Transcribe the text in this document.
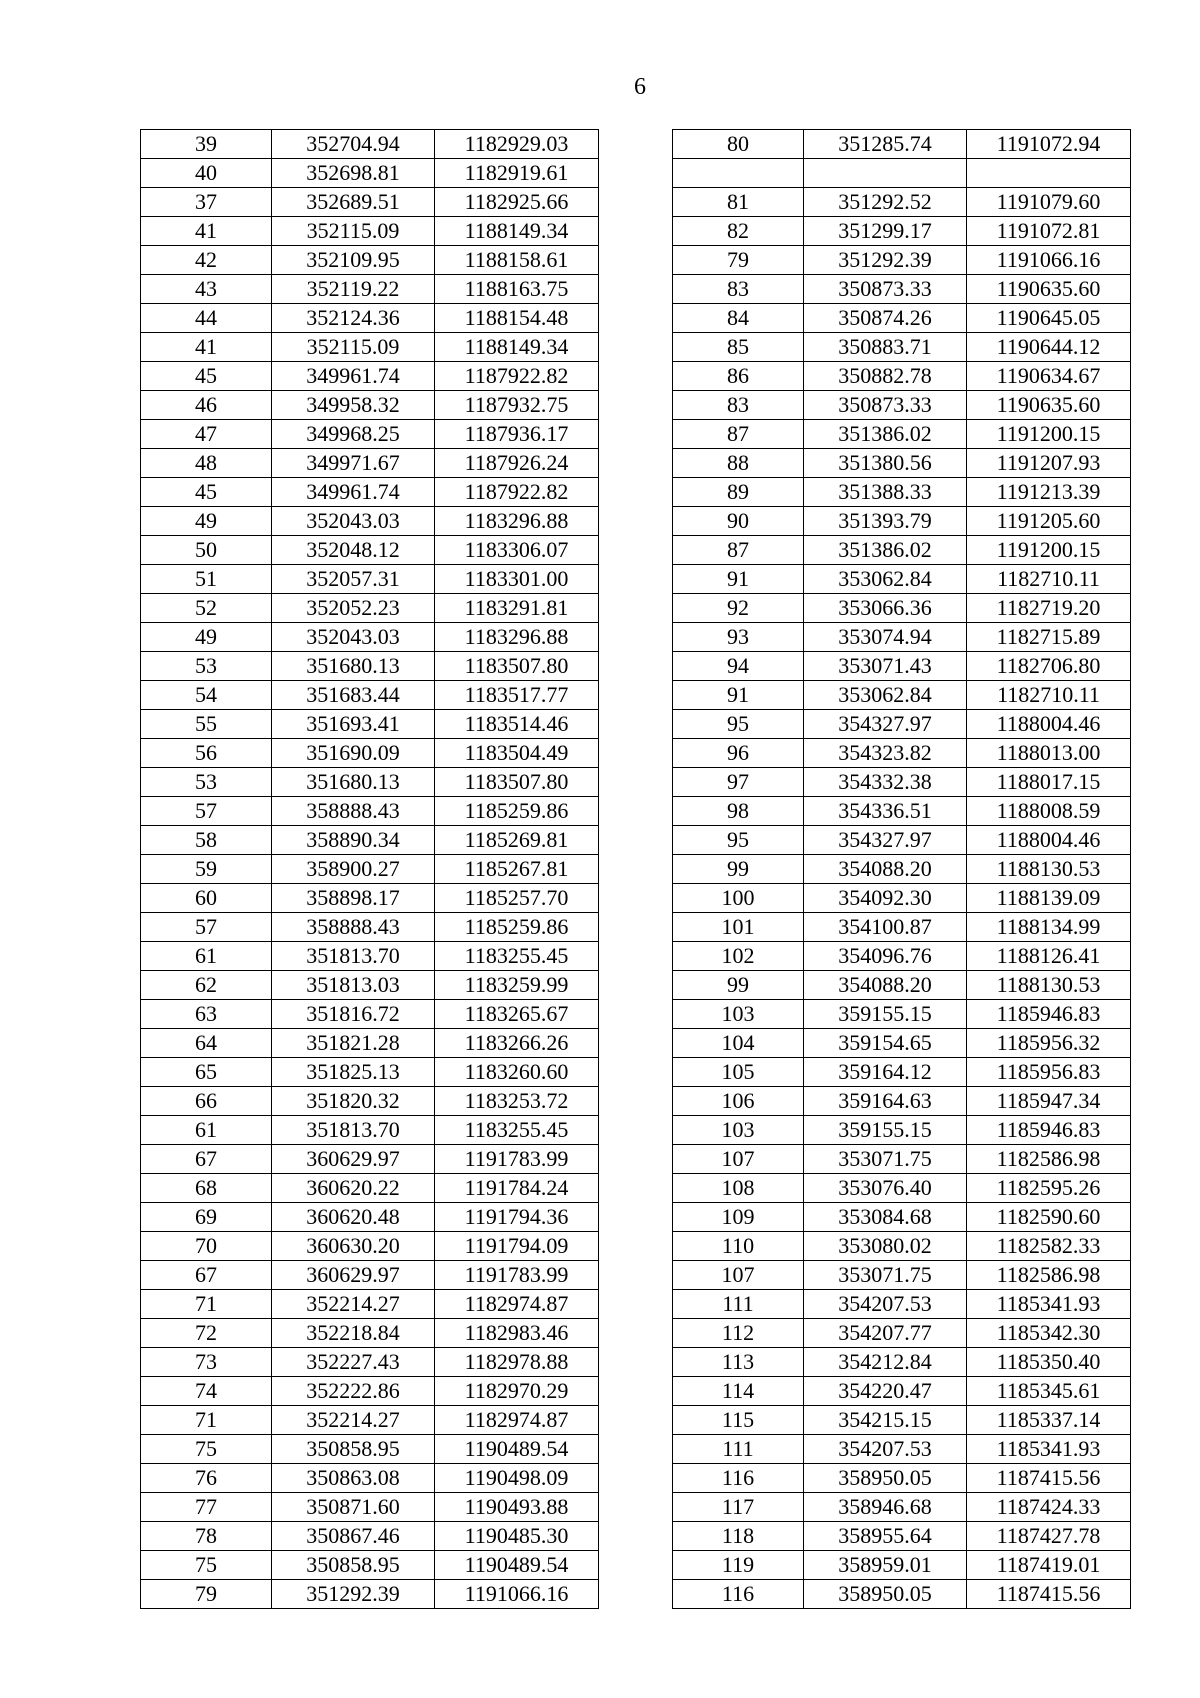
6
39	352704.94	1182929.03
40	352698.81	1182919.61
37	352689.51	1182925.66
41	352115.09	1188149.34
42	352109.95	1188158.61
43	352119.22	1188163.75
44	352124.36	1188154.48
41	352115.09	1188149.34
45	349961.74	1187922.82
46	349958.32	1187932.75
47	349968.25	1187936.17
48	349971.67	1187926.24
45	349961.74	1187922.82
49	352043.03	1183296.88
50	352048.12	1183306.07
51	352057.31	1183301.00
52	352052.23	1183291.81
49	352043.03	1183296.88
53	351680.13	1183507.80
54	351683.44	1183517.77
55	351693.41	1183514.46
56	351690.09	1183504.49
53	351680.13	1183507.80
57	358888.43	1185259.86
58	358890.34	1185269.81
59	358900.27	1185267.81
60	358898.17	1185257.70
57	358888.43	1185259.86
61	351813.70	1183255.45
62	351813.03	1183259.99
63	351816.72	1183265.67
64	351821.28	1183266.26
65	351825.13	1183260.60
66	351820.32	1183253.72
61	351813.70	1183255.45
67	360629.97	1191783.99
68	360620.22	1191784.24
69	360620.48	1191794.36
70	360630.20	1191794.09
67	360629.97	1191783.99
71	352214.27	1182974.87
72	352218.84	1182983.46
73	352227.43	1182978.88
74	352222.86	1182970.29
71	352214.27	1182974.87
75	350858.95	1190489.54
76	350863.08	1190498.09
77	350871.60	1190493.88
78	350867.46	1190485.30
75	350858.95	1190489.54
79	351292.39	1191066.16
80	351285.74	1191072.94

81	351292.52	1191079.60
82	351299.17	1191072.81
79	351292.39	1191066.16
83	350873.33	1190635.60
84	350874.26	1190645.05
85	350883.71	1190644.12
86	350882.78	1190634.67
83	350873.33	1190635.60
87	351386.02	1191200.15
88	351380.56	1191207.93
89	351388.33	1191213.39
90	351393.79	1191205.60
87	351386.02	1191200.15
91	353062.84	1182710.11
92	353066.36	1182719.20
93	353074.94	1182715.89
94	353071.43	1182706.80
91	353062.84	1182710.11
95	354327.97	1188004.46
96	354323.82	1188013.00
97	354332.38	1188017.15
98	354336.51	1188008.59
95	354327.97	1188004.46
99	354088.20	1188130.53
100	354092.30	1188139.09
101	354100.87	1188134.99
102	354096.76	1188126.41
99	354088.20	1188130.53
103	359155.15	1185946.83
104	359154.65	1185956.32
105	359164.12	1185956.83
106	359164.63	1185947.34
103	359155.15	1185946.83
107	353071.75	1182586.98
108	353076.40	1182595.26
109	353084.68	1182590.60
110	353080.02	1182582.33
107	353071.75	1182586.98
111	354207.53	1185341.93
112	354207.77	1185342.30
113	354212.84	1185350.40
114	354220.47	1185345.61
115	354215.15	1185337.14
111	354207.53	1185341.93
116	358950.05	1187415.56
117	358946.68	1187424.33
118	358955.64	1187427.78
119	358959.01	1187419.01
116	358950.05	1187415.56
